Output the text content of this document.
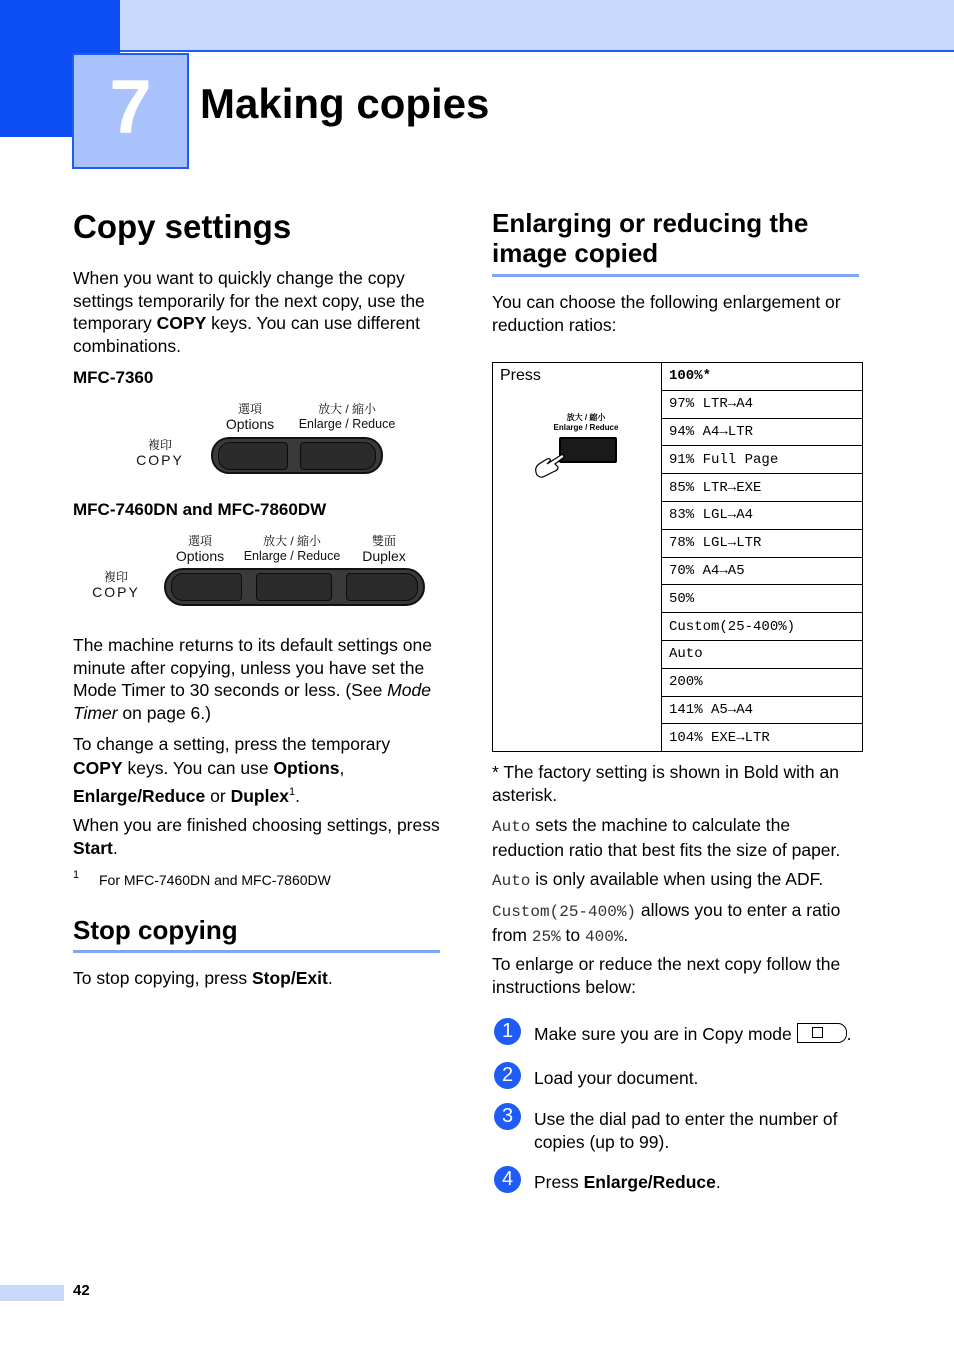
7	Making copies
Copy settings

When you want to quickly change the copy settings temporarily for the next copy, use the temporary COPY keys. You can use different combinations.

MFC-7360
選項
Options
放大 / 縮小
Enlarge / Reduce
複印
COPY
MFC-7460DN and MFC-7860DW
選項
Options
放大 / 縮小
Enlarge / Reduce
雙面
Duplex
複印
COPY

The machine returns to its default settings one minute after copying, unless you have set the Mode Timer to 30 seconds or less. (See Mode Timer on page 6.)

To change a setting, press the temporary COPY keys. You can use Options,
Enlarge/Reduce or Duplex$^1$.

When you are finished choosing settings, press Start.

1 For MFC-7460DN and MFC-7860DW
Stop copying

To stop copying, press Stop/Exit.

Enlarging or reducing the image copied

You can choose the following enlargement or reduction ratios:

Press
放大 / 縮小
Enlarge / Reduce
	100%*
97% LTR→A4
94% A4→LTR
91% Full Page
85% LTR→EXE
83% LGL→A4
78% LGL→LTR
70% A4→A5
50%
Custom(25-400%)
Auto
200%
141% A5→A4
104% EXE→LTR

* The factory setting is shown in Bold with an asterisk.

Auto sets the machine to calculate the reduction ratio that best fits the size of paper.

Auto is only available when using the ADF.

Custom(25-400%) allows you to enter a ratio from 25% to 400%.

To enlarge or reduce the next copy follow the instructions below:

1	Make sure you are in Copy mode	.
2	Load your document.
3	Use the dial pad to enter the number of copies (up to 99).
4	Press Enlarge/Reduce.
42
